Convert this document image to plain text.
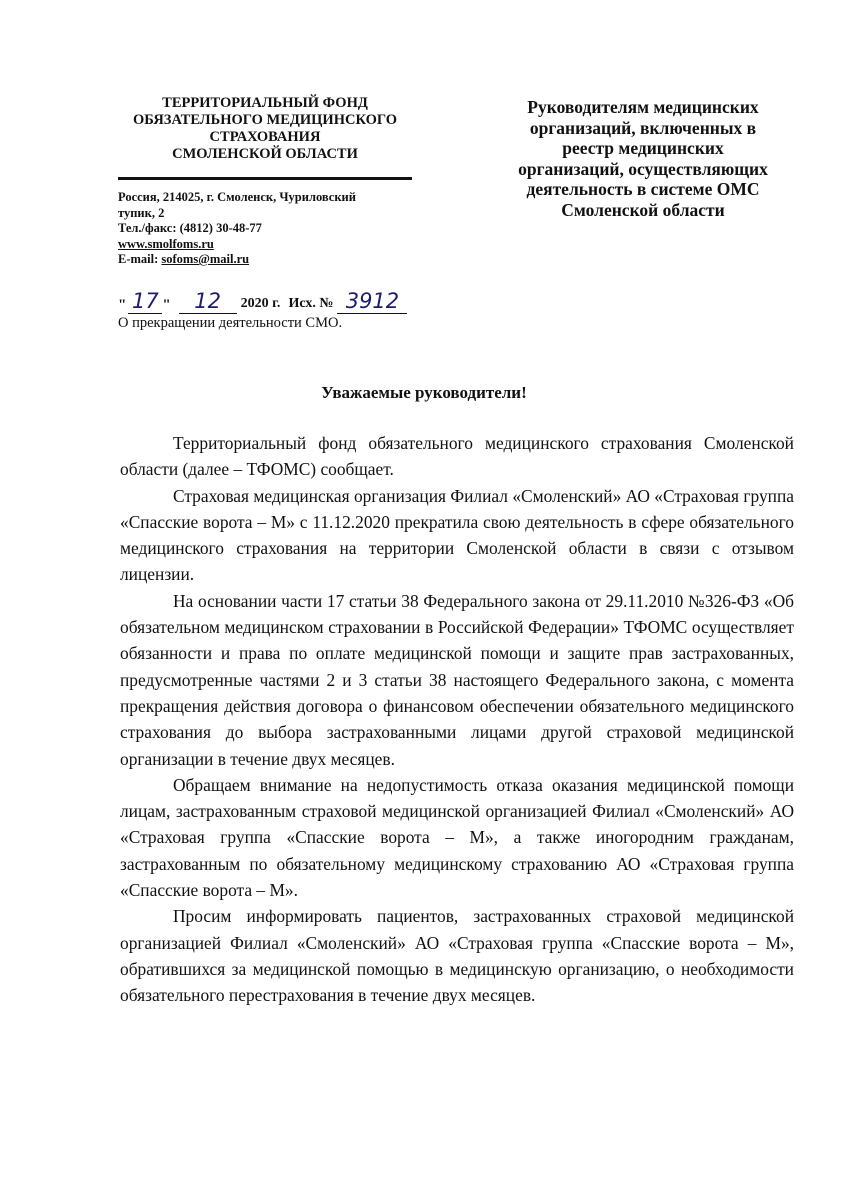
ТЕРРИТОРИАЛЬНЫЙ ФОНД
ОБЯЗАТЕЛЬНОГО МЕДИЦИНСКОГО
СТРАХОВАНИЯ
СМОЛЕНСКОЙ ОБЛАСТИ
Россия, 214025, г. Смоленск, Чуриловский
тупик, 2
Тел./факс: (4812) 30-48-77
www.smolfoms.ru
E-mail: sofoms@mail.ru
Руководителям медицинских
организаций, включенных в
реестр медицинских
организаций, осуществляющих
деятельность в системе ОМС
Смоленской области
" 17 "	12	2020 г. Исх. № 3912
О прекращении деятельности СМО.
Уважаемые руководители!

Территориальный фонд обязательного медицинского страхования Смоленской области (далее – ТФОМС) сообщает.

Страховая медицинская организация Филиал «Смоленский» АО «Страховая группа «Спасские ворота – М» с 11.12.2020 прекратила свою деятельность в сфере обязательного медицинского страхования на территории Смоленской области в связи с отзывом лицензии.

На основании части 17 статьи 38 Федерального закона от 29.11.2010 №326-ФЗ «Об обязательном медицинском страховании в Российской Федерации» ТФОМС осуществляет обязанности и права по оплате медицинской помощи и защите прав застрахованных, предусмотренные частями 2 и 3 статьи 38 настоящего Федерального закона, с момента прекращения действия договора о финансовом обеспечении обязательного медицинского страхования до выбора застрахованными лицами другой страховой медицинской организации в течение двух месяцев.

Обращаем внимание на недопустимость отказа оказания медицинской помощи лицам, застрахованным страховой медицинской организацией Филиал «Смоленский» АО «Страховая группа «Спасские ворота – М», а также иногородним гражданам, застрахованным по обязательному медицинскому страхованию АО «Страховая группа «Спасские ворота – М».

Просим информировать пациентов, застрахованных страховой медицинской организацией Филиал «Смоленский» АО «Страховая группа «Спасские ворота – М», обратившихся за медицинской помощью в медицинскую организацию, о необходимости обязательного перестрахования в течение двух месяцев.
